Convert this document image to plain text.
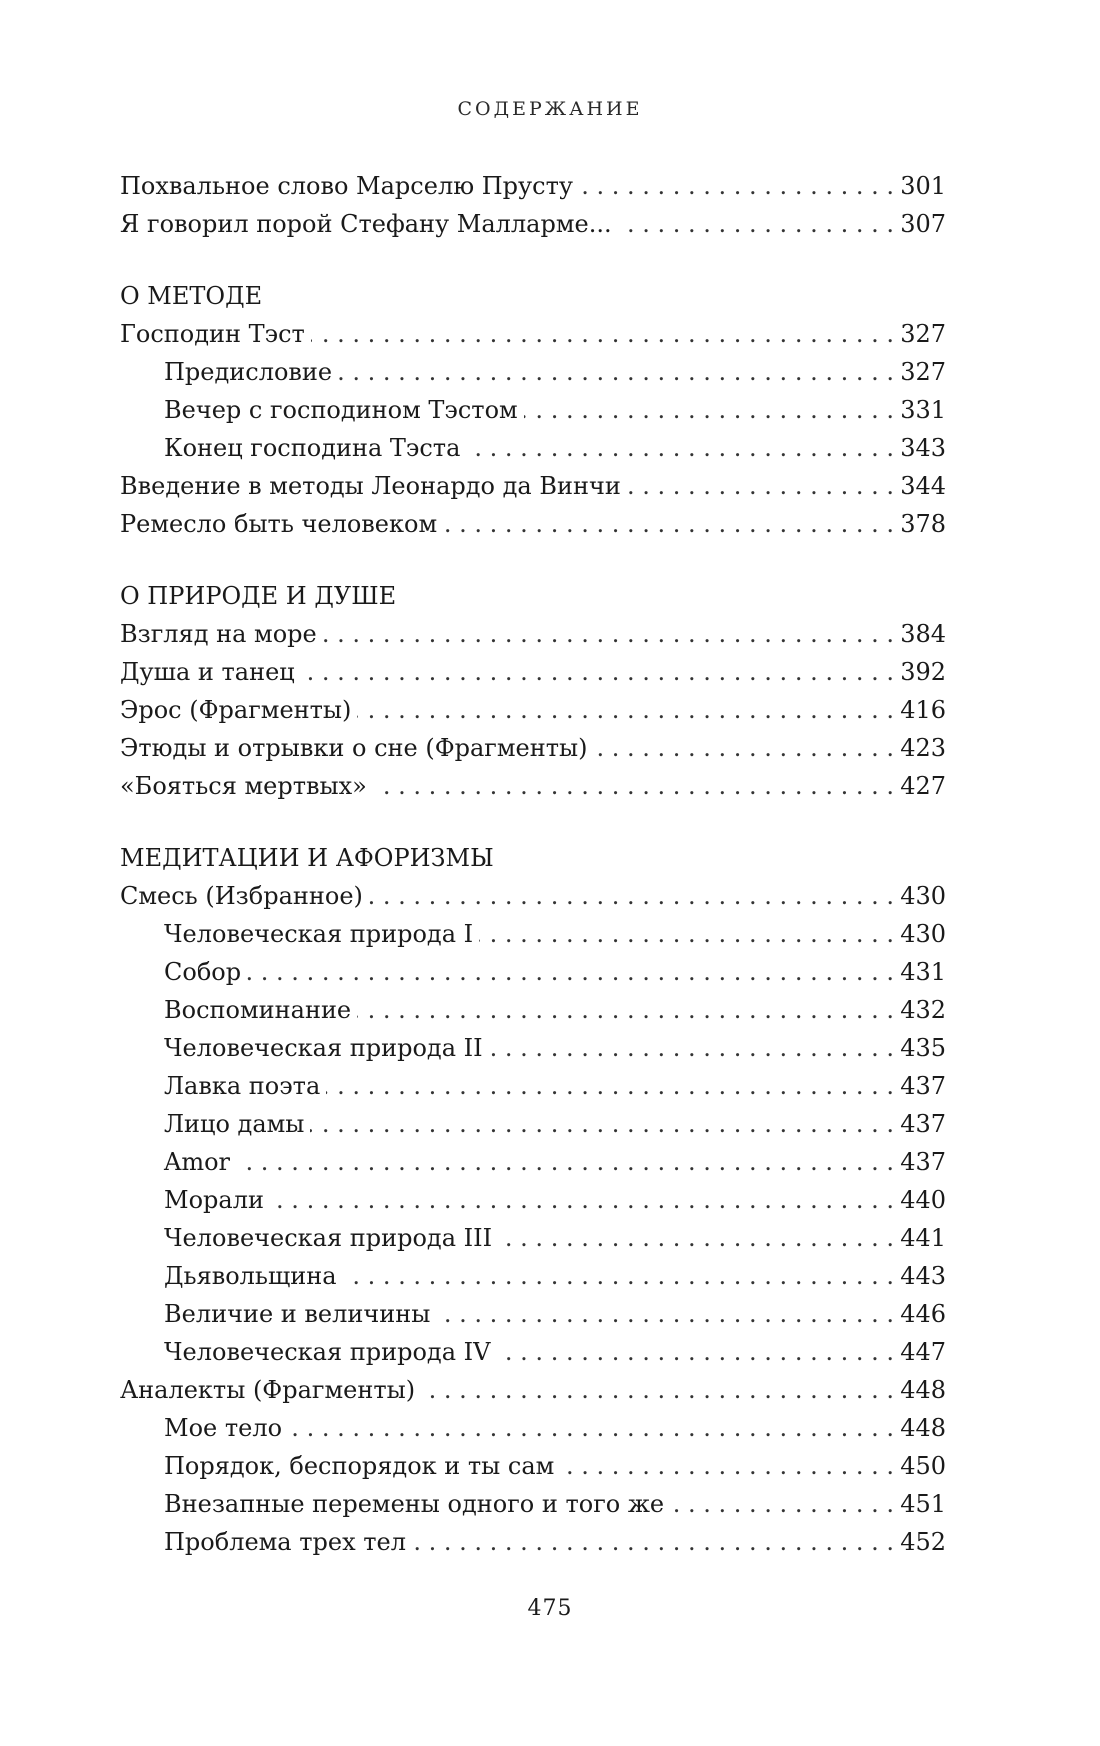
СОДЕРЖАНИЕ
Похвальное слово Марселю Прусту . . .	301
Я говорил порой Стефану Малларме... . . .	307
О МЕТОДЕ
Господин Тэст . . .	327
Предисловие . . .	327
Вечер с господином Тэстом . . .	331
Конец господина Тэста . . .	343
Введение в методы Леонардо да Винчи . . .	344
Ремесло быть человеком . . .	378
О ПРИРОДЕ И ДУШЕ
Взгляд на море . . .	384
Душа и танец . . .	392
Эрос (Фрагменты) . . .	416
Этюды и отрывки о сне (Фрагменты) . . .	423
«Бояться мертвых» . . .	427
МЕДИТАЦИИ И АФОРИЗМЫ
Смесь (Избранное) . . .	430
Человеческая природа I . . .	430
Собор . . .	431
Воспоминание . . .	432
Человеческая природа II . . .	435
Лавка поэта . . .	437
Лицо дамы . . .	437
Amor . . .	437
Морали . . .	440
Человеческая природа III . . .	441
Дьявольщина . . .	443
Величие и величины . . .	446
Человеческая природа IV . . .	447
Аналекты (Фрагменты) . . .	448
Мое тело . . .	448
Порядок, беспорядок и ты сам . . .	450
Внезапные перемены одного и того же . . .	451
Проблема трех тел . . .	452
475
